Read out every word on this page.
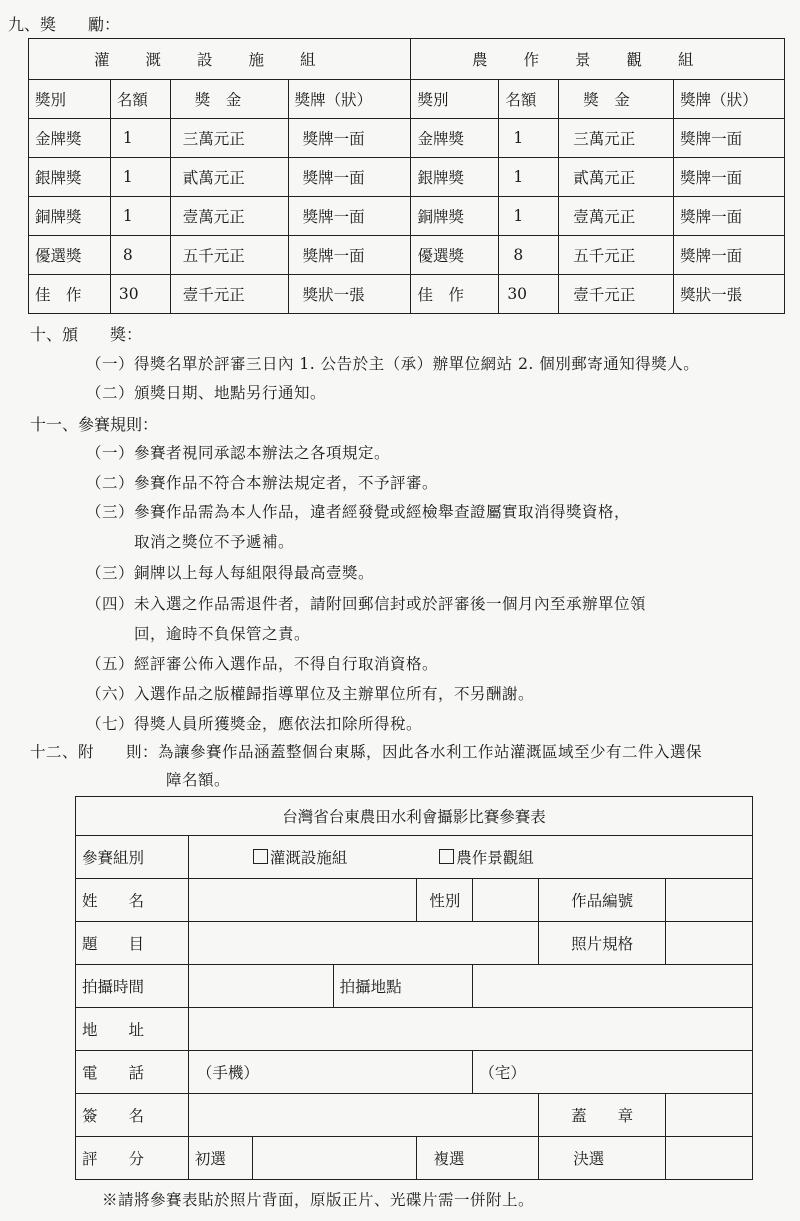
九、獎　　勵：
灌溉設施組				農作景觀組			
獎別	名額	獎　金	獎牌（狀）	獎別	名額	獎　金	獎牌（狀）
金牌獎	1	三萬元正	獎牌一面	金牌獎	1	三萬元正	獎牌一面
銀牌獎	1	貳萬元正	獎牌一面	銀牌獎	1	貳萬元正	獎牌一面
銅牌獎	1	壹萬元正	獎牌一面	銅牌獎	1	壹萬元正	獎牌一面
優選獎	8	五千元正	獎牌一面	優選獎	8	五千元正	獎牌一面
佳　作	30	壹千元正	獎狀一張	佳　作	30	壹千元正	獎狀一張
十、頒　　獎：
（一）得獎名單於評審三日內 1. 公告於主（承）辦單位網站 2. 個別郵寄通知得獎人。
（二）頒獎日期、地點另行通知。
十一、參賽規則：
（一）參賽者視同承認本辦法之各項規定。
（二）參賽作品不符合本辦法規定者，不予評審。
（三）參賽作品需為本人作品，違者經發覺或經檢舉查證屬實取消得獎資格，
取消之獎位不予遞補。
（三）銅牌以上每人每組限得最高壹獎。
（四）未入選之作品需退件者，請附回郵信封或於評審後一個月內至承辦單位領
回，逾時不負保管之責。
（五）經評審公佈入選作品，不得自行取消資格。
（六）入選作品之版權歸指導單位及主辦單位所有，不另酬謝。
（七）得獎人員所獲獎金，應依法扣除所得稅。
十二、附　　則：為讓參賽作品涵蓋整個台東縣，因此各水利工作站灌溉區域至少有二件入選保
障名額。
台灣省台東農田水利會攝影比賽參賽表							
參賽組別	灌溉設施組 農作景觀組						
姓　　名				性別		作品編號	
題　　目						照片規格	
拍攝時間			拍攝地點				
地　　址							
電　　話	（手機）				（宅）		
簽　　名						蓋　　章	
評　　分	初選			複選		決選	
※請將參賽表貼於照片背面，原版正片、光碟片需一併附上。
